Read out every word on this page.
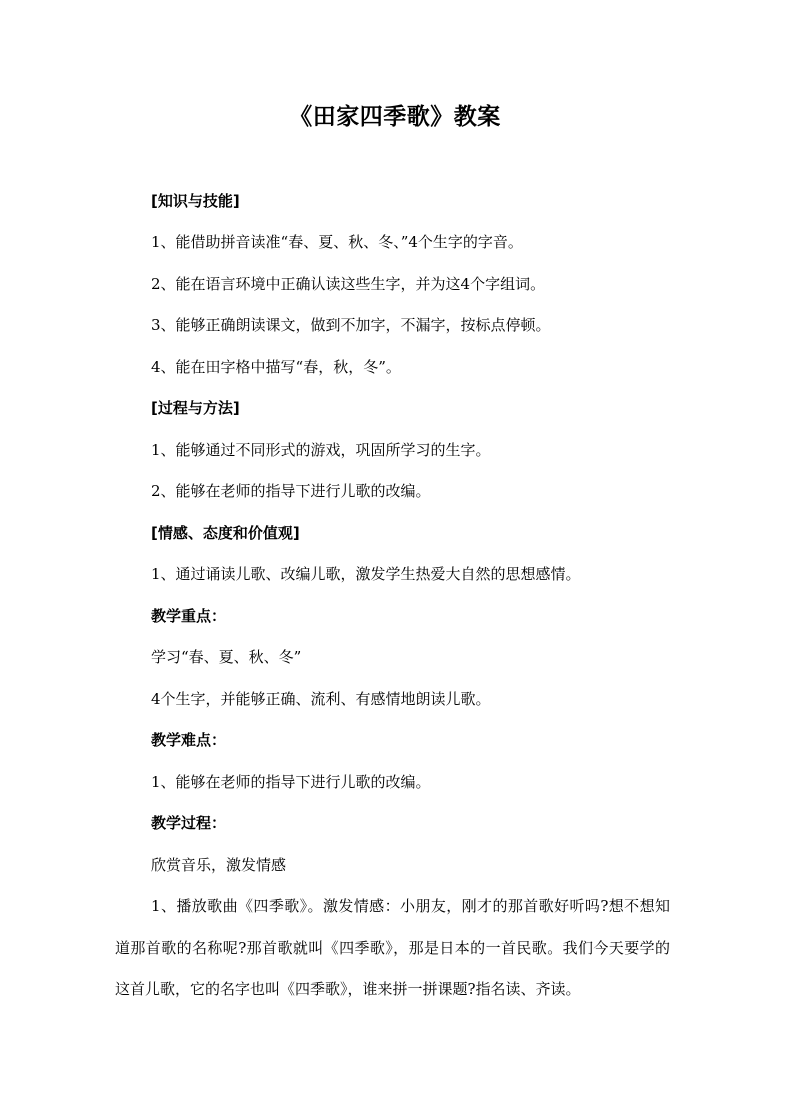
《田家四季歌》教案
[知识与技能]
1、能借助拼音读准“春、夏、秋、冬、”4个生字的字音。
2、能在语言环境中正确认读这些生字，并为这4个字组词。
3、能够正确朗读课文，做到不加字，不漏字，按标点停顿。
4、能在田字格中描写“春，秋，冬”。
[过程与方法]
1、能够通过不同形式的游戏，巩固所学习的生字。
2、能够在老师的指导下进行儿歌的改编。
[情感、态度和价值观]
1、通过诵读儿歌、改编儿歌，激发学生热爱大自然的思想感情。
教学重点：
学习“春、夏、秋、冬”
4个生字，并能够正确、流利、有感情地朗读儿歌。
教学难点：
1、能够在老师的指导下进行儿歌的改编。
教学过程：
欣赏音乐，激发情感
1、播放歌曲《四季歌》。激发情感：小朋友，刚才的那首歌好听吗?想不想知道那首歌的名称呢?那首歌就叫《四季歌》，那是日本的一首民歌。我们今天要学的这首儿歌，它的名字也叫《四季歌》，谁来拼一拼课题?指名读、齐读。
